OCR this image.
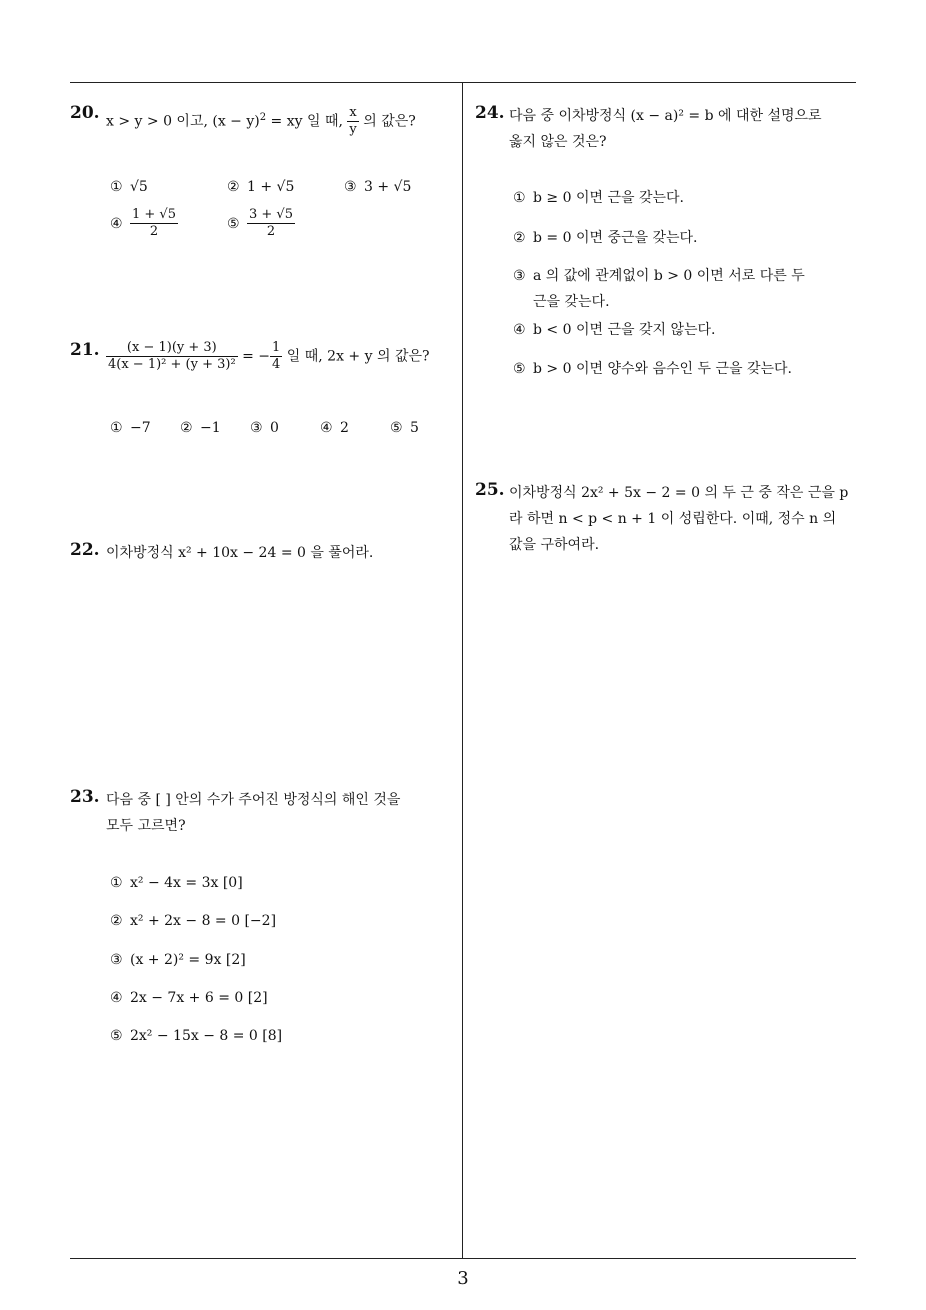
20. x > y > 0 이고, $(x - y)^2$ = xy 일 때, $\frac{x}{y}$ 의 값은?
① √5	② 1 + √5	③ 3 + √5
④ $\frac{1 + √5}{2}$	⑤ $\frac{3 + √5}{2}$
21. $\frac{(x - 1)(y + 3)}{\text{4(x − 1)² + (y + 3)²}}$ = − $\frac{1}{4}$ 일 때, 2x + y 의 값은?
① −7 ② −1 ③ 0	④ 2	⑤ 5
22. 이차방정식 x² + 10x − 24 = 0 을 풀어라.
23. 다음 중 [ ] 안의 수가 주어진 방정식의 해인 것을
모두 고르면?
① x² − 4x = 3x [0]
② x² + 2x − 8 = 0 [−2]
③ (x + 2)² = 9x [2]
④ 2x − 7x + 6 = 0 [2]
⑤ 2x² − 15x − 8 = 0 [8]
24. 다음 중 이차방정식 (x − a)² = b 에 대한 설명으로
옳지 않은 것은?
① b ≥ 0 이면 근을 갖는다.
② b = 0 이면 중근을 갖는다.
③ a 의 값에 관계없이 b > 0 이면 서로 다른 두
근을 갖는다.
④ b < 0 이면 근을 갖지 않는다.
⑤ b > 0 이면 양수와 음수인 두 근을 갖는다.
25. 이차방정식 2x² + 5x − 2 = 0 의 두 근 중 작은 근을 p
라 하면 n < p < n + 1 이 성립한다. 이때, 정수 n 의
값을 구하여라.
3
